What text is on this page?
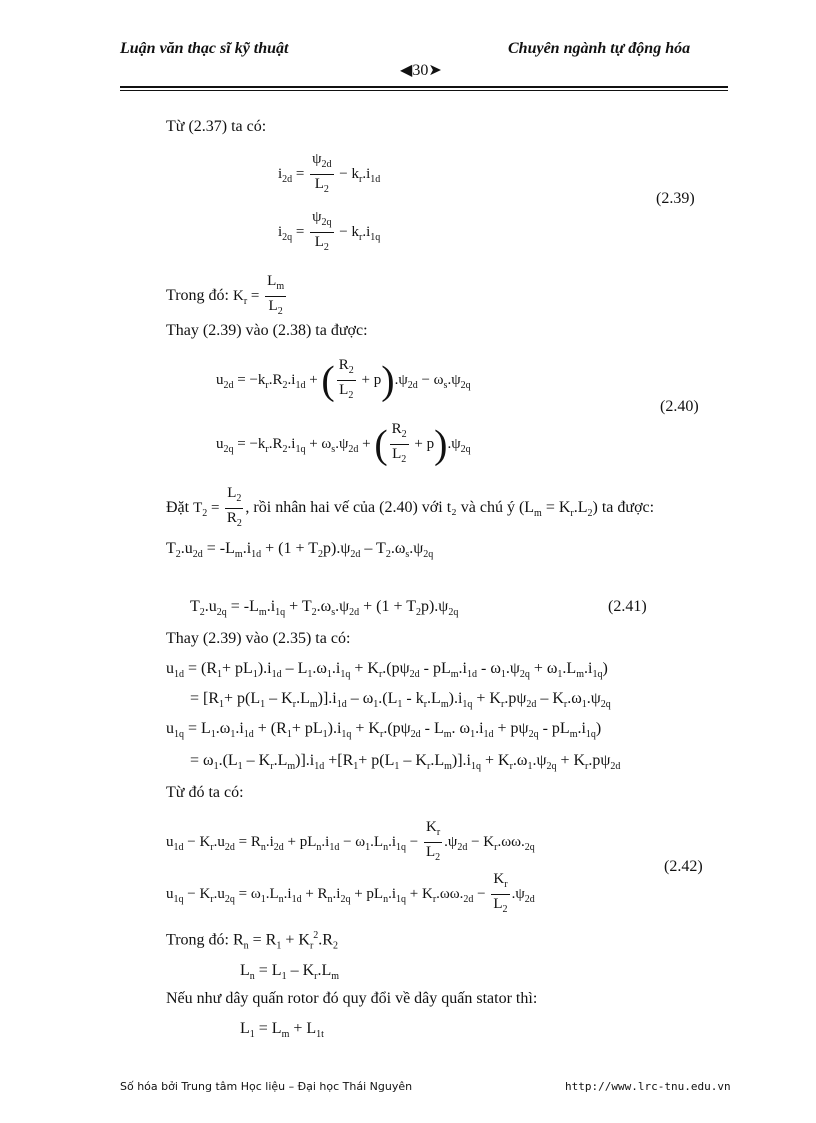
Luận văn thạc sĩ kỹ thuật	Chuyên ngành tự động hóa
◀30➤
Từ (2.37) ta có:
$i_{2d} = \frac{\psi_{2d}}{L_2} - k_r.i_{1d}$
$i_{2q} = \frac{\psi_{2q}}{L_2} - k_r.i_{1q}$
(2.39)
Trong đó: $K_r = \frac{L_m}{L_2}$
Thay (2.39) vào (2.38) ta được:
$u_{2d} = -k_r.R_2.i_{1d}$ + ( $\frac{R_2}{L_2} + p).\psi_{2d} - \omega_s.\psi_{2q}$
$u_{2q} = -k_r.R_2.i_{1q} + \omega_s.\psi_{2d}$ + ( $\frac{R_2}{L_2} + p).\psi_{2q}$
(2.40)
Đặt $T_2 = \frac{L_2}{R_2}$ , rồi nhân hai vế của (2.40) với t₂ và chú ý $(L_m = K_r.L_2)$ ta được:
$T_2.u_{2d} = -L_m.i_{1d} + (1 + T_2p).\psi_{2d} - T_2.\omega_s.\psi_{2q}$
$T_2.u_{2q} = -L_m.i_{1q} + T_2.\omega_s.\psi_{2d} + (1 + T_2p).\psi_{2q}$	(2.41)
Thay (2.39) vào (2.35) ta có:
$u_{1d} = (R_1+ pL_1).i_{1d} - L_1.\omega_1.i_{1q} + K_r.(p\psi_{2d} - pL_m.i_{1d} - \omega_1.\psi_{2q} + \omega_1.L_m.i_{1q})$
= $[R_1+ p(L_1 - K_r.L_m)].i_{1d} - \omega_1.(L_1 - k_r.L_m).i_{1q} + K_r.p\psi_{2d} - K_r.\omega_1.\psi_{2q}$
$u_{1q} = L_1.\omega_1.i_{1d} + (R_1+ pL_1).i_{1q} + K_r.(p\psi_{2d} - L_m$. $\omega_1.i_{1d} + p\psi_{2q} - pL_m.i_{1q}$)
= $\omega_1.(L_1 - K_r.L_m)].i_{1d} +[R_1+ p(L_1 - K_r.L_m)].i_{1q} + K_r.\omega_1.\psi_{2q} + K_r.p\psi_{2d}$
Từ đó ta có:
$u_{1d} - K_r.u_{2d} = R_n.i_{2d} + pL_n.i_{1d} - \omega_1.L_n.i_{1q} - \frac{K_r}{L_2} .\psi_{2d} - K_r.\omega\omega._{2q}$
$u_{1q} - K_r.u_{2q} = \omega_1.L_n.i_{1d} + R_n.i_{2q} + pL_n.i_{1q} + K_r.\omega\omega._{2d} - \frac{K_r}{L_2} .\psi_{2d}$
(2.42)
Trong đó: $R_n = R_1 + K_r^2.R_2$
$L_n = L_1 - K_r.L_m$
Nếu như dây quấn rotor đó quy đổi về dây quấn stator thì:
$L_1 = L_m + L_{1t}$
Số hóa bởi Trung tâm Học liệu – Đại học Thái Nguyên	http://www.lrc-tnu.edu.vn
